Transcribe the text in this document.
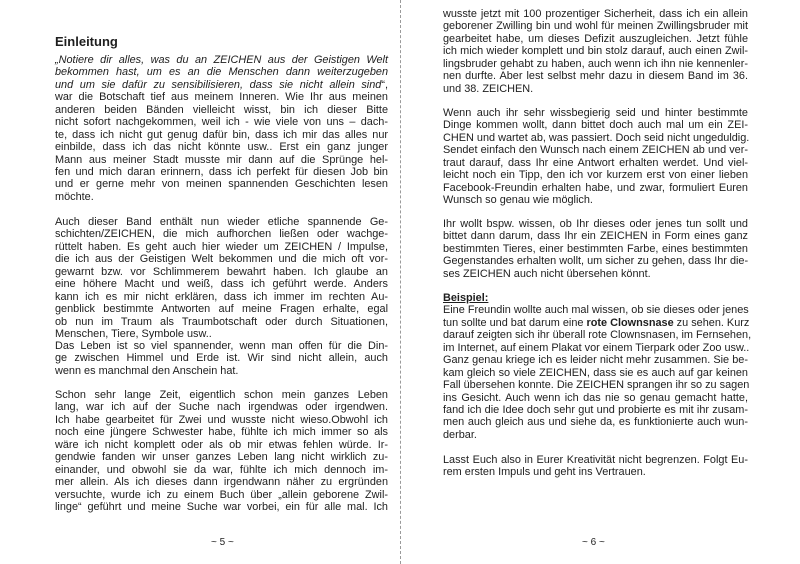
Einleitung
„Notiere dir alles, was du an ZEICHEN aus der Geistigen Welt
bekommen hast, um es an die Menschen dann weiterzugeben
und um sie dafür zu sensibilisieren, dass sie nicht allein sind“,
war die Botschaft tief aus meinem Inneren. Wie Ihr aus meinen
anderen beiden Bänden vielleicht wisst, bin ich dieser Bitte
nicht sofort nachgekommen, weil ich - wie viele von uns – dach-
te, dass ich nicht gut genug dafür bin, dass ich mir das alles nur
einbilde, dass ich das nicht könnte usw.. Erst ein ganz junger
Mann aus meiner Stadt musste mir dann auf die Sprünge hel-
fen und mich daran erinnern, dass ich perfekt für diesen Job bin
und er gerne mehr von meinen spannenden Geschichten lesen
möchte.
Auch dieser Band enthält nun wieder etliche spannende Ge-
schichten/ZEICHEN, die mich aufhorchen ließen oder wachge-
rüttelt haben. Es geht auch hier wieder um ZEICHEN / Impulse,
die ich aus der Geistigen Welt bekommen und die mich oft vor-
gewarnt bzw. vor Schlimmerem bewahrt haben. Ich glaube an
eine höhere Macht und weiß, dass ich geführt werde. Anders
kann ich es mir nicht erklären, dass ich immer im rechten Au-
genblick bestimmte Antworten auf meine Fragen erhalte, egal
ob nun im Traum als Traumbotschaft oder durch Situationen,
Menschen, Tiere, Symbole usw..
Das Leben ist so viel spannender, wenn man offen für die Din-
ge zwischen Himmel und Erde ist. Wir sind nicht allein, auch
wenn es manchmal den Anschein hat.
Schon sehr lange Zeit, eigentlich schon mein ganzes Leben
lang, war ich auf der Suche nach irgendwas oder irgendwen.
Ich habe gearbeitet für Zwei und wusste nicht wieso.Obwohl ich
noch eine jüngere Schwester habe, fühlte ich mich immer so als
wäre ich nicht komplett oder als ob mir etwas fehlen würde. Ir-
gendwie fanden wir unser ganzes Leben lang nicht wirklich zu-
einander, und obwohl sie da war, fühlte ich mich dennoch im-
mer allein. Als ich dieses dann irgendwann näher zu ergründen
versuchte, wurde ich zu einem Buch über „allein geborene Zwil-
linge“ geführt und meine Suche war vorbei, ein für alle mal. Ich
wusste jetzt mit 100 prozentiger Sicherheit, dass ich ein allein
geborener Zwilling bin und wohl für meinen Zwillingsbruder mit
gearbeitet habe, um dieses Defizit auszugleichen. Jetzt fühle
ich mich wieder komplett und bin stolz darauf, auch einen Zwil-
lingsbruder gehabt zu haben, auch wenn ich ihn nie kennenler-
nen durfte. Aber lest selbst mehr dazu in diesem Band im 36.
und 38. ZEICHEN.
Wenn auch ihr sehr wissbegierig seid und hinter bestimmte
Dinge kommen wollt, dann bittet doch auch mal um ein ZEI-
CHEN und wartet ab, was passiert. Doch seid nicht ungeduldig.
Sendet einfach den Wunsch nach einem ZEICHEN ab und ver-
traut darauf, dass Ihr eine Antwort erhalten werdet. Und viel-
leicht noch ein Tipp, den ich vor kurzem erst von einer lieben
Facebook-Freundin erhalten habe, und zwar, formuliert Euren
Wunsch so genau wie möglich.
Ihr wollt bspw. wissen, ob Ihr dieses oder jenes tun sollt und
bittet dann darum, dass Ihr ein ZEICHEN in Form eines ganz
bestimmten Tieres, einer bestimmten Farbe, eines bestimmten
Gegenstandes erhalten wollt, um sicher zu gehen, dass Ihr die-
ses ZEICHEN auch nicht übersehen könnt.
Beispiel:
Eine Freundin wollte auch mal wissen, ob sie dieses oder jenes
tun sollte und bat darum eine rote Clownsnase zu sehen. Kurz
darauf zeigten sich ihr überall rote Clownsnasen, im Fernsehen,
im Internet, auf einem Plakat vor einem Tierpark oder Zoo usw..
Ganz genau kriege ich es leider nicht mehr zusammen. Sie be-
kam gleich so viele ZEICHEN, dass sie es auch auf gar keinen
Fall übersehen konnte. Die ZEICHEN sprangen ihr so zu sagen
ins Gesicht. Auch wenn ich das nie so genau gemacht hatte,
fand ich die Idee doch sehr gut und probierte es mit ihr zusam-
men auch gleich aus und siehe da, es funktionierte auch wun-
derbar.
Lasst Euch also in Eurer Kreativität nicht begrenzen. Folgt Eu-
rem ersten Impuls und geht ins Vertrauen.
~ 5 ~	~ 6 ~
